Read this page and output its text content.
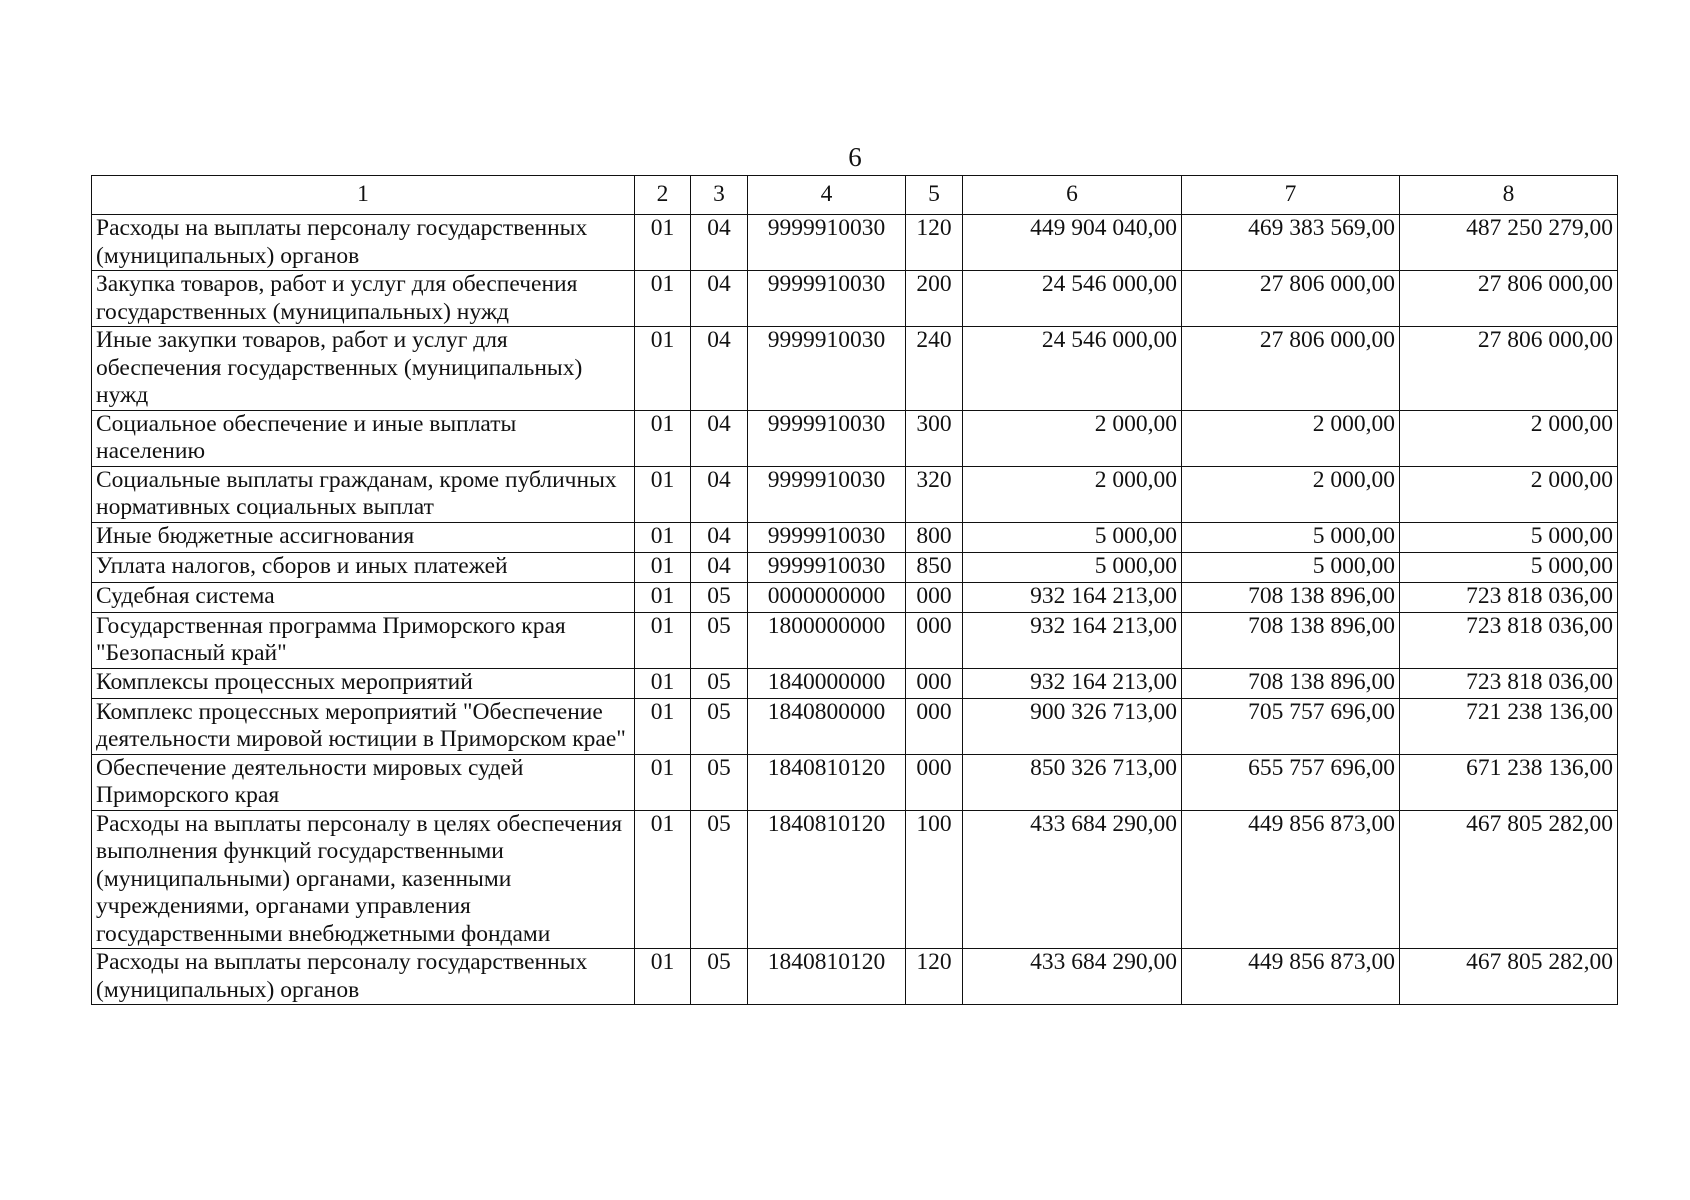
6
1	2	3	4	5	6	7	8
Расходы на выплаты персоналу государственных (муниципальных) органов	01	04	9999910030	120	449 904 040,00	469 383 569,00	487 250 279,00
Закупка товаров, работ и услуг для обеспечения государственных (муниципальных) нужд	01	04	9999910030	200	24 546 000,00	27 806 000,00	27 806 000,00
Иные закупки товаров, работ и услуг для обеспечения государственных (муниципальных) нужд	01	04	9999910030	240	24 546 000,00	27 806 000,00	27 806 000,00
Социальное обеспечение и иные выплаты населению	01	04	9999910030	300	2 000,00	2 000,00	2 000,00
Социальные выплаты гражданам, кроме публичных нормативных социальных выплат	01	04	9999910030	320	2 000,00	2 000,00	2 000,00
Иные бюджетные ассигнования	01	04	9999910030	800	5 000,00	5 000,00	5 000,00
Уплата налогов, сборов и иных платежей	01	04	9999910030	850	5 000,00	5 000,00	5 000,00
Судебная система	01	05	0000000000	000	932 164 213,00	708 138 896,00	723 818 036,00
Государственная программа Приморского края "Безопасный край"	01	05	1800000000	000	932 164 213,00	708 138 896,00	723 818 036,00
Комплексы процессных мероприятий	01	05	1840000000	000	932 164 213,00	708 138 896,00	723 818 036,00
Комплекс процессных мероприятий "Обеспечение деятельности мировой юстиции в Приморском крае"	01	05	1840800000	000	900 326 713,00	705 757 696,00	721 238 136,00
Обеспечение деятельности мировых судей Приморского края	01	05	1840810120	000	850 326 713,00	655 757 696,00	671 238 136,00
Расходы на выплаты персоналу в целях обеспечения выполнения функций государственными (муниципальными) органами, казенными учреждениями, органами управления государственными внебюджетными фондами	01	05	1840810120	100	433 684 290,00	449 856 873,00	467 805 282,00
Расходы на выплаты персоналу государственных (муниципальных) органов	01	05	1840810120	120	433 684 290,00	449 856 873,00	467 805 282,00
